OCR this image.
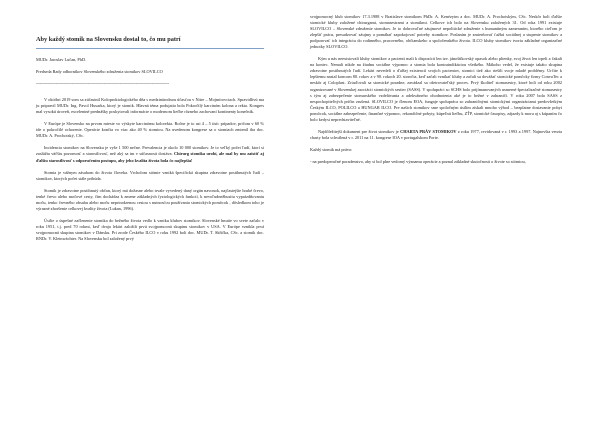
Aby každý stomik na Slovensku dostal to, čo mu patrí
MUDr. Jaroslav Lučan, PhD.
Predseda Rady odborníkov Slovenského združenia stomikov SLOVILCO
------------------------------------------------------------------------------------------------------------

V októbri 2019 som sa zúčastnil Koloproktologického dňa s medzinárodnou účasťou v Nitre – Mojmírovciach. Spravidlivú ma ju pripravil MUDr. Ing. Pavol Husarka, ktorý je stomik. Hlavná téma podujatia bola Pokročilý karcinóm kolona a rekta. Kongres mal vysokú úroveň, excelentné prednášky poskytovali informácie o modernom liečbe rôzneho zachovaní kontinenty konečník.

V Európe je Slovensko na prvom mieste vo výskyte karcinómu kolorekta. Ročne je to asi 4 – 5 tisíc prípadov, pričom v 60 % ide o pokročilé ochorenie. Operácie končia vo viac ako 40 % stomiou. Na uvedenom kongrese sa o stomiach zmienil iba doc. MUDr. A. Prochotský, CSc.

Incidencia stomikov na Slovensku je vyše 1 500 nečne. Prevalencia je okolo 10 000 stomikov. Je to veľký počet ľudí, ktorí si zaslúžia väčšiu pozornosť a starostlivosť, než aký sa im v súčasnosti dostáva. Chirurg stomika urobí, ale mal by mu zaistiť aj ďalšiu starostlivosť s odporučením postupu, aby jeho kvalita života bola čo najlepšia!

Stomia je vážnym zásahom do života človeka. Vrcholom stómie vzniká špecifická skupina zdravotne postihnutých ľudí – stomikov, ktorých počet stále pribúda.

Stomik je zdravotne postihnutý občan, ktorý má dožasne alebo trvale vyvedený daný orgán navonok, najčastejšie hrubé črevo, tenké črevo alebo močové cesty, čím dochádza k zmene základných fyziologických funkcií, k nevoľudnežbusitu vyprázdňovaniu moču, tenko črevného obsahu alebo moču neprirodzenou cestou s nutnosťou používania stomických pomôcok , dôsledkom toho je výrazné zhoršenie celkovej kvality života (Lukan, 1996).

Úsilie o úspešné začlenenie stomika do bežného života vedlo k vzniku klubov stomikov. Slovenské hnutie vo svete začalo v roku 1951, t.j. pred 70 rokmi, keď dvaja lekári založili prvú svojpomocnú skupinu stomikov v USA. V Európe vznikla prvá svojpomocná skupina stomikov v Dánsku. Pri zrode Českého ILCO v roku 1992 boli doc. MUDr. T. Skřička, CSc. a stomik doc. RNDr. V. Kleinwächter. Na Slovensku bol založený prvý

svojpomocný klub stomikov 17.3.1988 v Bratislave stomikom PhDr. A. Kenézyim a doc. MUDr. A. Prochotským, CSc. Neskôr boli ďalšie stomické kluby založené chirurgami, stomasestrami a stomikmi. Celkove ich bolo na Slovensku založených 31. Od roka 1991 existuje SLOVILCO – Slovenské združenie stomikov. Je to dobrovoľné záujmové nepolitické združenie s humanitným zameraním, ktorého cieľom je zlepšiť prácu, presadzovať záujmy a pomáhať zapokojovať potreby stomikov. Poslaním je zmierňovať ťažkú sociálnej a stupenie stomikov a podporovať ich integráciu do rodinného, pracovného, občianskeho a spoločenského života. ILCO kluby stomikov tvoria základné organizačné jednotky SLOVILCO.

Kým u nás neexistovali kluby stomikov a pacienti mali k dispozícii len tzv. jánoštíkovský opasok alebo plienky, svoj život len trpeli a čakali na koniec. Nemali nikde na žiadnu sociálne výpomoc a stomia bola kontraindikáciou všetkého. Mákoho vedel, že existuje takáto skupina zdravotne postihnutých ľudí. Lekári nevedeli o ďalšej existencií svojich pacientov, stomici tiež ako riešili svoje mladé problémy. Určite k lepšiemu nastal koncom 80. rokov a v 90. rokoch 20. storočia, keď začali vznikať kluby a začali sa dovážať stomické pomôcky firmy ConvaTec a neskôr aj Coloplast. Zriaďovali sa stomické poradne, zavádzal sa ošetrovateľský proces. Prvý školiteľ stomasestry, ktoré boli od roku 2002 organizované v Slovenskej asociácii stomických sestier (SASS). V spolupráci so SCHS bolo prijímanovaných usmerné špecializačné stomasestry s tým aj zabezpečenie stomarského vzdelávania a adekvátneho ohodnotenia aké je to bežné v zahraničí. V roku 2007 bola SASS z nespochopiteľných príčin zrušená. SLOVILCO je členom EOA, fungaje spolupráca so zahraničnými stomickými organizáciami predovšetkým Českým ILCO, POLILCO a HUNGAR ILCO. Pre našich stomikov sme spoločným úsilím získali mnoho výhod – bezplatne dostavanie pobyt pomôcok, sociálne zabezpečenie, finančné výpomoc, rekondičné pobyty, kúpeľnú liečbu, ZŤP, stomické časopisy, zájazdy k moru aj s kúpaním čo bolo kedysi nepredstaviteľné.

Najdôležitejší dokument pre život stomikov je CHARTA PRÁV STOMIKOV z roku 1977, revidovaná v r. 1993 a 1997. Najnovšia verzia charty bola schválená v r. 2011 na 11. kongrese IOA v portugalskom Porte.

Každý stomik má právo:

- na predoperačné poradenstvo, aby si bol plne vedomý významu operácie a poznal základné skutočnosti o živote so stómiou,
